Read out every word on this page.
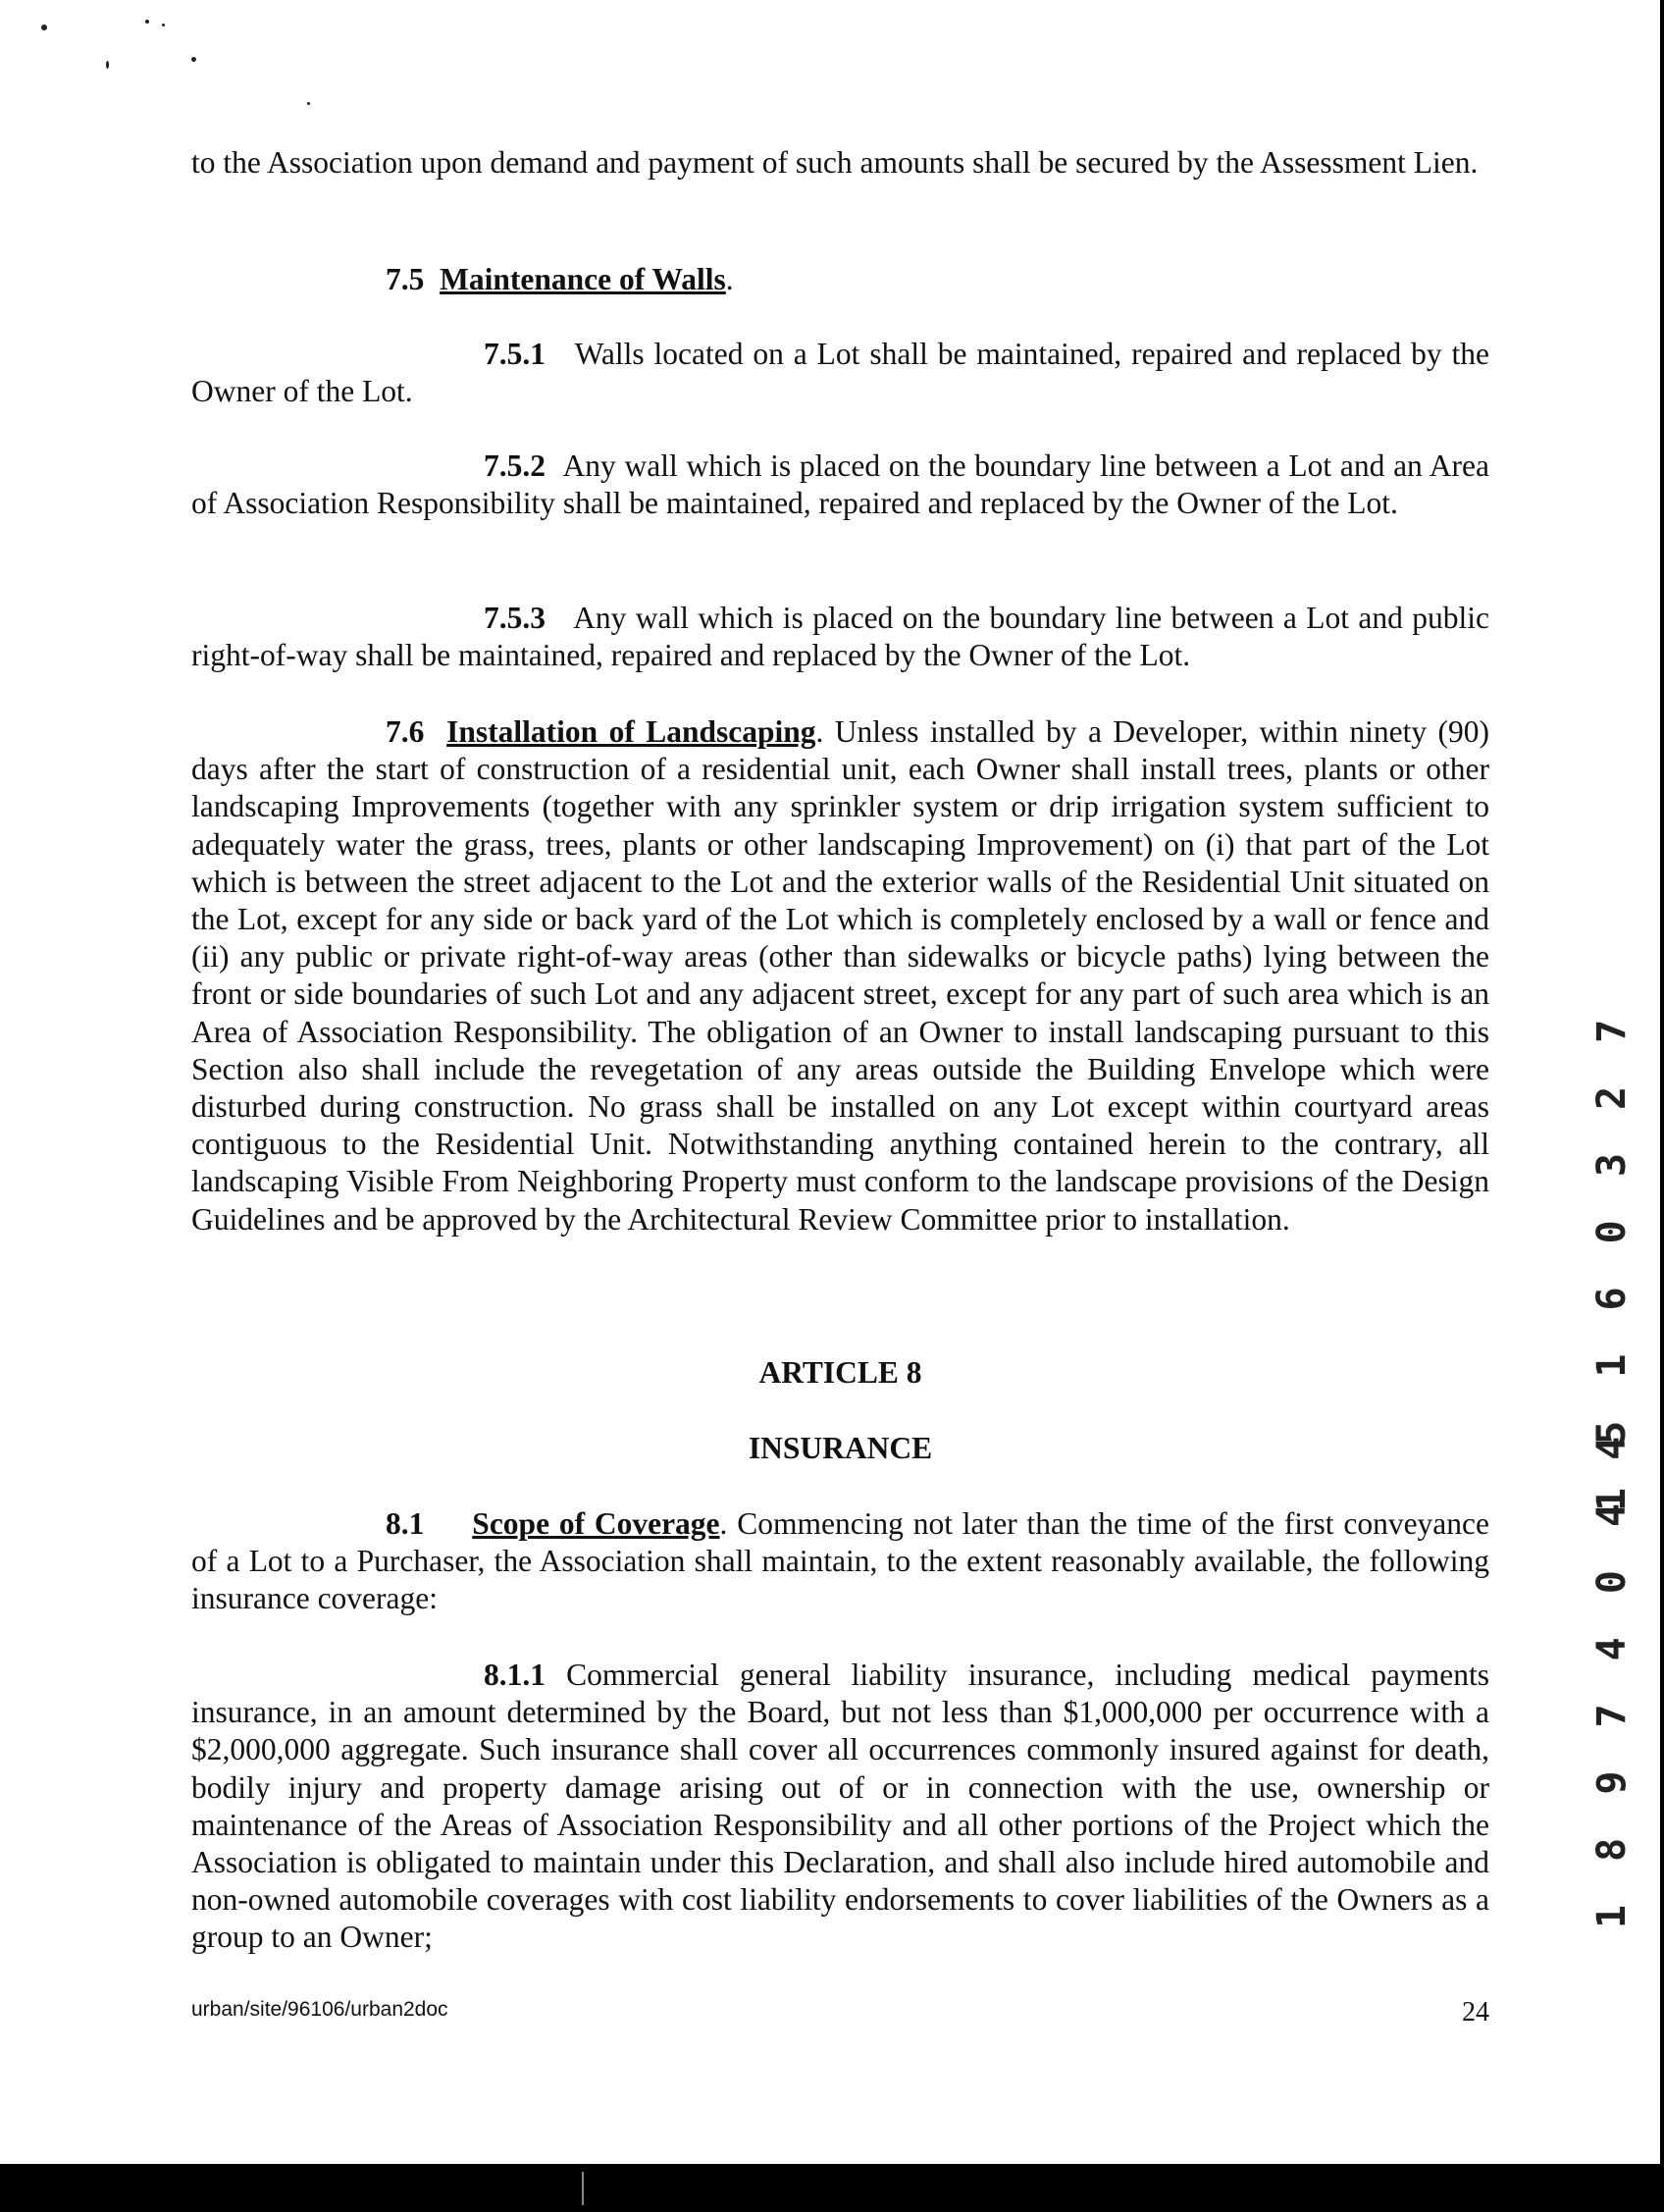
to the Association upon demand and payment of such amounts shall be secured by the Assessment Lien.

7.5 Maintenance of Walls.

7.5.1 Walls located on a Lot shall be maintained, repaired and replaced by the Owner of the Lot.

7.5.2 Any wall which is placed on the boundary line between a Lot and an Area of Association Responsibility shall be maintained, repaired and replaced by the Owner of the Lot.

7.5.3 Any wall which is placed on the boundary line between a Lot and public right-of-way shall be maintained, repaired and replaced by the Owner of the Lot.

7.6 Installation of Landscaping. Unless installed by a Developer, within ninety (90) days after the start of construction of a residential unit, each Owner shall install trees, plants or other landscaping Improvements (together with any sprinkler system or drip irrigation system sufficient to adequately water the grass, trees, plants or other landscaping Improvement) on (i) that part of the Lot which is between the street adjacent to the Lot and the exterior walls of the Residential Unit situated on the Lot, except for any side or back yard of the Lot which is completely enclosed by a wall or fence and (ii) any public or private right-of-way areas (other than sidewalks or bicycle paths) lying between the front or side boundaries of such Lot and any adjacent street, except for any part of such area which is an Area of Association Responsibility. The obligation of an Owner to install landscaping pursuant to this Section also shall include the revegetation of any areas outside the Building Envelope which were disturbed during construction. No grass shall be installed on any Lot except within courtyard areas contiguous to the Residential Unit. Notwithstanding anything contained herein to the contrary, all landscaping Visible From Neighboring Property must conform to the landscape provisions of the Design Guidelines and be approved by the Architectural Review Committee prior to installation.

ARTICLE 8
INSURANCE

8.1 Scope of Coverage. Commencing not later than the time of the first conveyance of a Lot to a Purchaser, the Association shall maintain, to the extent reasonably available, the following insurance coverage:

8.1.1 Commercial general liability insurance, including medical payments insurance, in an amount determined by the Board, but not less than $1,000,000 per occurrence with a $2,000,000 aggregate. Such insurance shall cover all occurrences commonly insured against for death, bodily injury and property damage arising out of or in connection with the use, ownership or maintenance of the Areas of Association Responsibility and all other portions of the Project which the Association is obligated to maintain under this Declaration, and shall also include hired automobile and non-owned automobile coverages with cost liability endorsements to cover liabilities of the Owners as a group to an Owner;

urban/site/96106/urban2doc	24
1 5 1 6 0 3 2 7
1 8 9 7 4 0 4 4
